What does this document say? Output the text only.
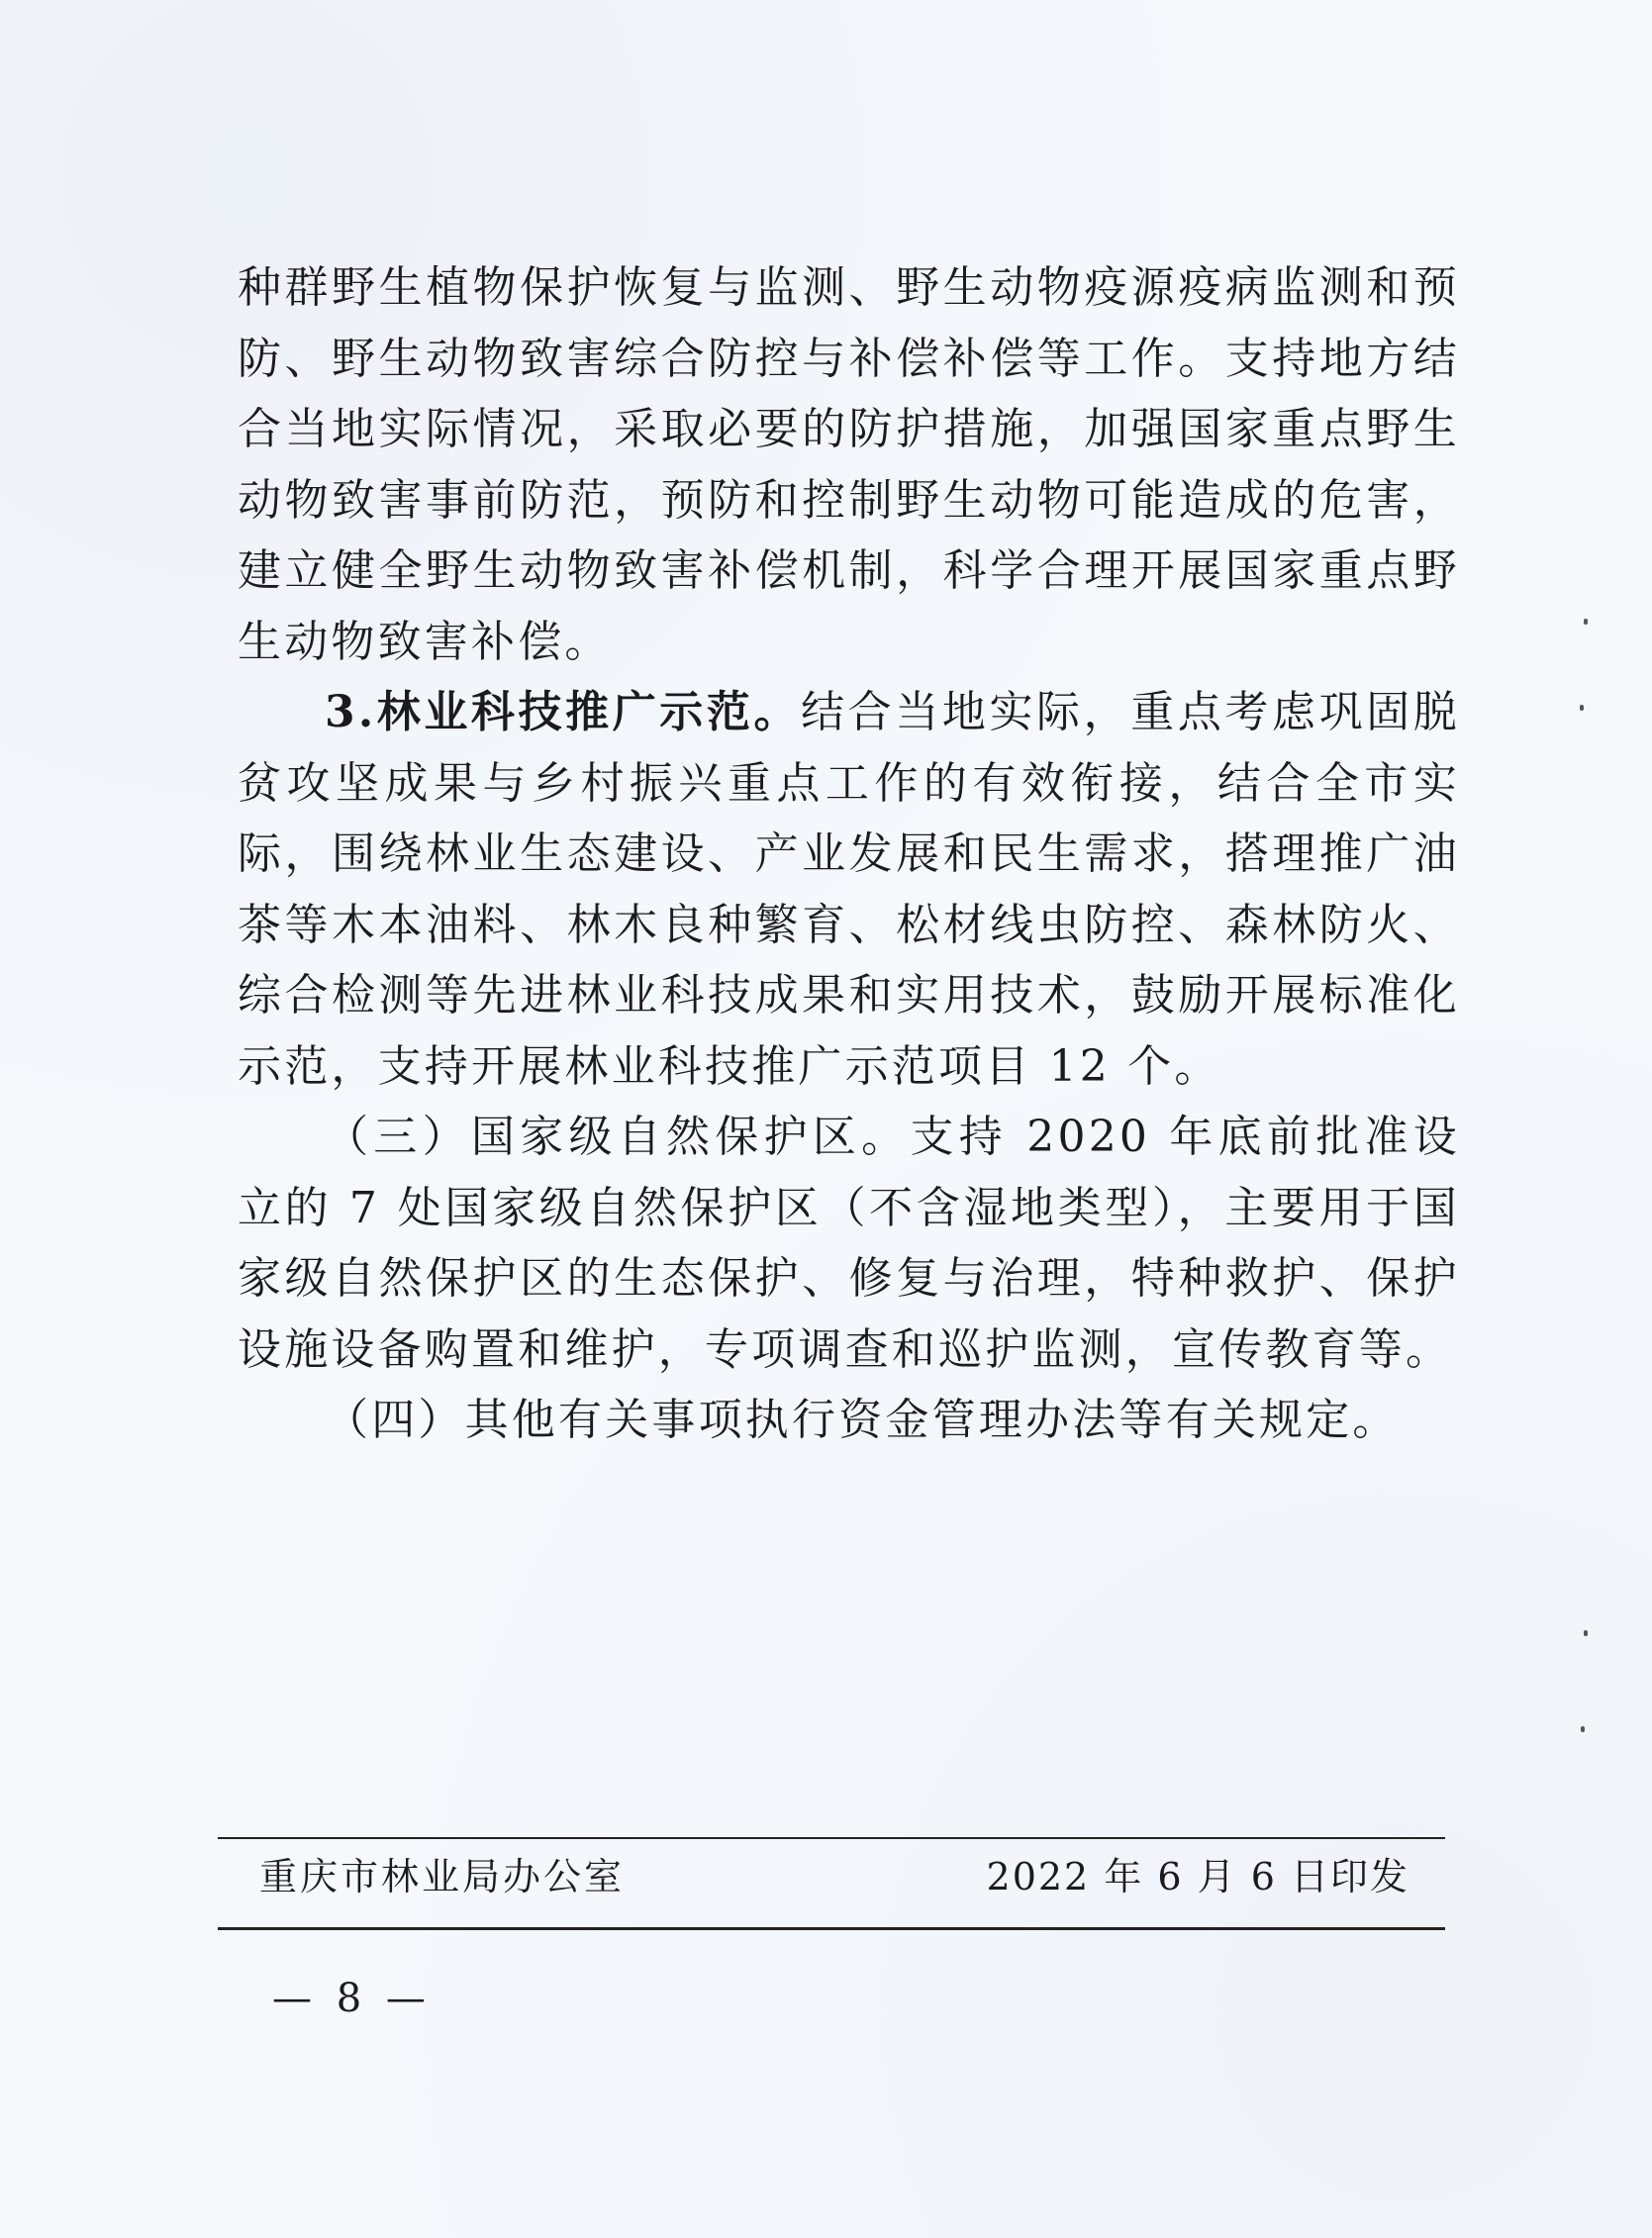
种群野生植物保护恢复与监测、野生动物疫源疫病监测和预防、野生动物致害综合防控与补偿补偿等工作。支持地方结合当地实际情况，采取必要的防护措施，加强国家重点野生动物致害事前防范，预防和控制野生动物可能造成的危害，建立健全野生动物致害补偿机制，科学合理开展国家重点野生动物致害补偿。

3.林业科技推广示范。结合当地实际，重点考虑巩固脱贫攻坚成果与乡村振兴重点工作的有效衔接，结合全市实际，围绕林业生态建设、产业发展和民生需求，搭理推广油茶等木本油料、林木良种繁育、松材线虫防控、森林防火、综合检测等先进林业科技成果和实用技术，鼓励开展标准化示范，支持开展林业科技推广示范项目 12 个。

（三）国家级自然保护区。支持 2020 年底前批准设立的 7 处国家级自然保护区（不含湿地类型），主要用于国家级自然保护区的生态保护、修复与治理，特种救护、保护设施设备购置和维护，专项调查和巡护监测，宣传教育等。

（四）其他有关事项执行资金管理办法等有关规定。

重庆市林业局办公室	2022 年 6 月 6 日印发
— 8 —
